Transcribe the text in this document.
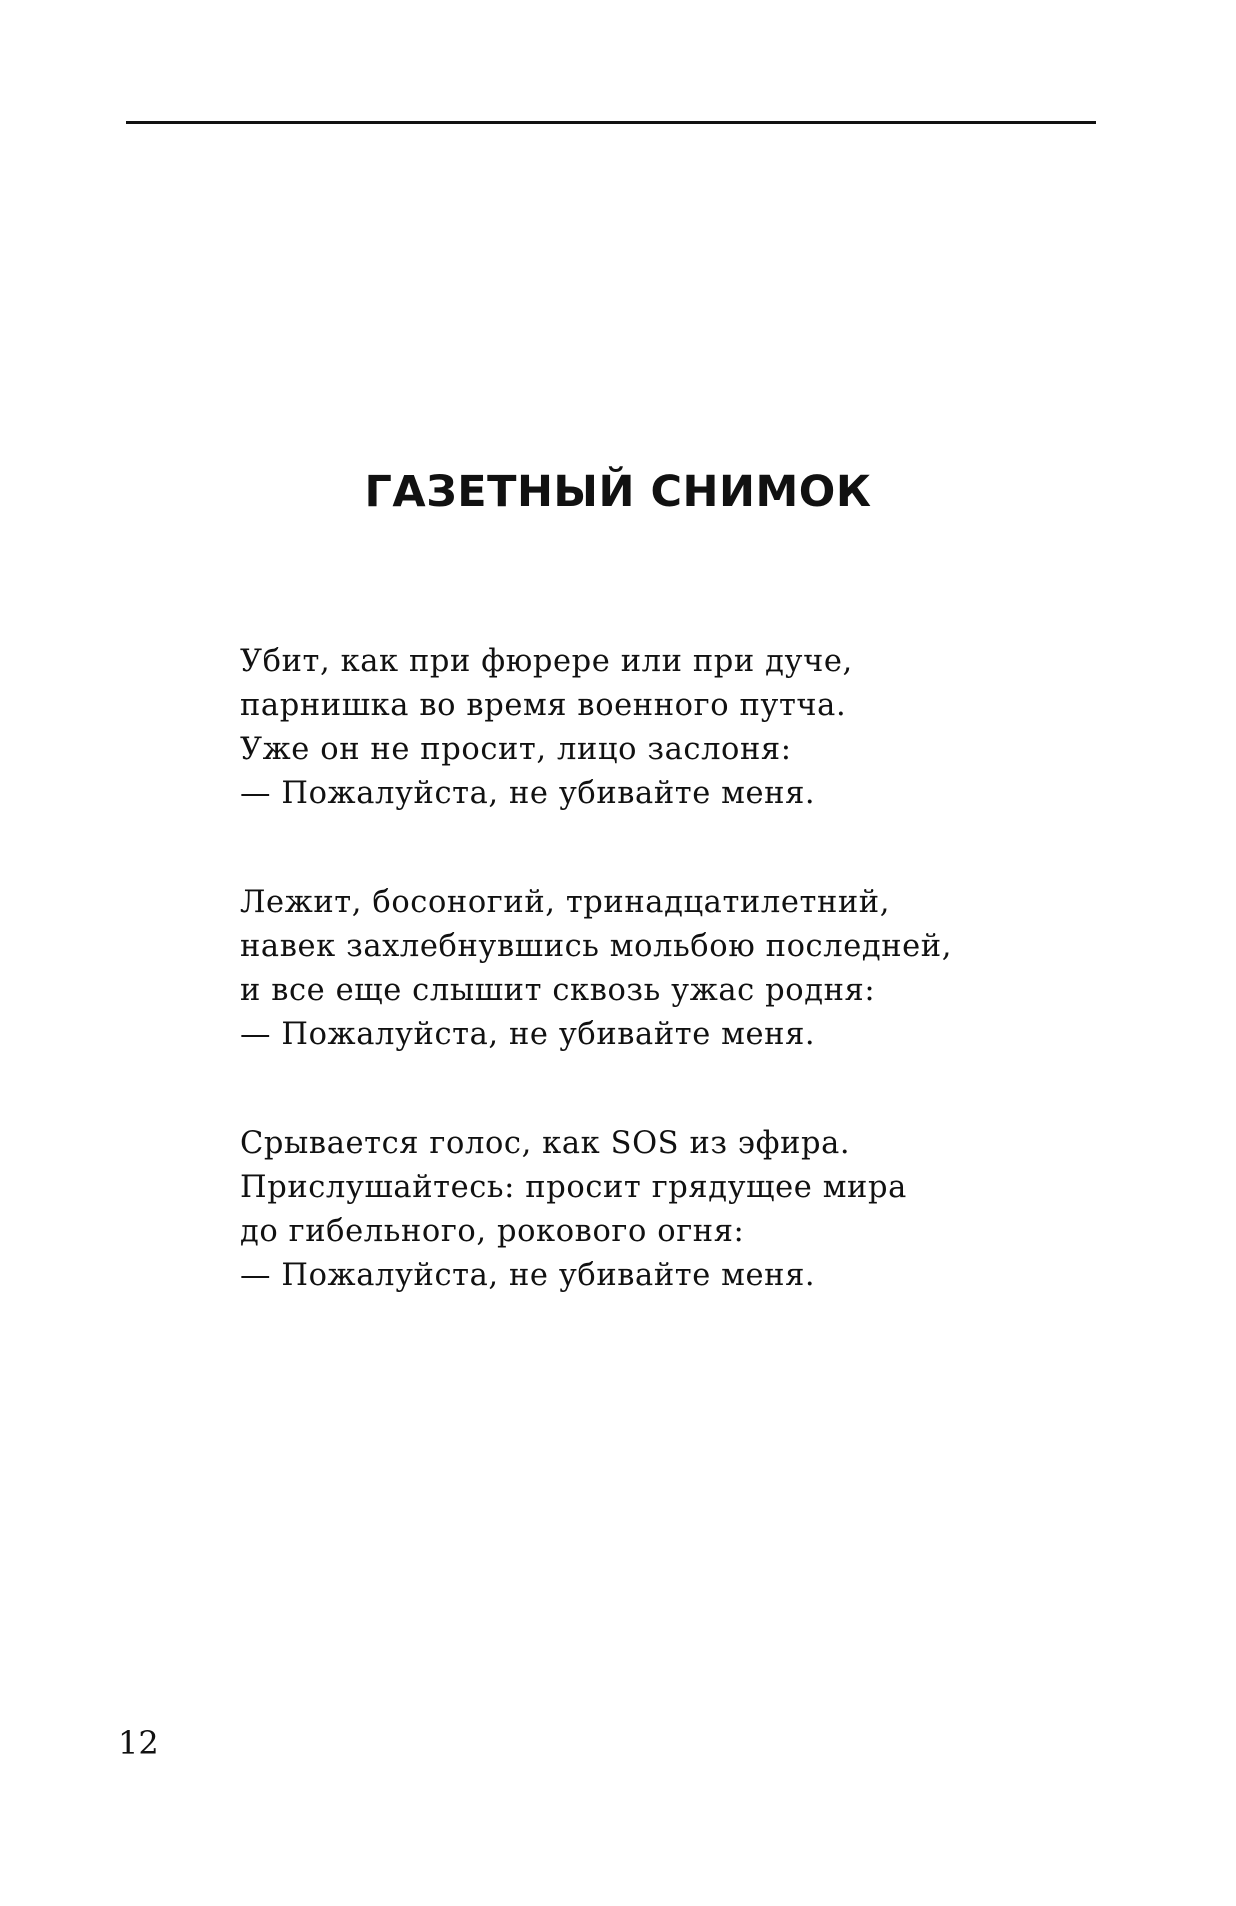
ГАЗЕТНЫЙ СНИМОК
Убит, как при фюрере или при дуче,
парнишка во время военного путча.
Уже он не просит, лицо заслоня:
— Пожалуйста, не убивайте меня.
Лежит, босоногий, тринадцатилетний,
навек захлебнувшись мольбою последней,
и все еще слышит сквозь ужас родня:
— Пожалуйста, не убивайте меня.
Срывается голос, как SOS из эфира.
Прислушайтесь: просит грядущее мира
до гибельного, рокового огня:
— Пожалуйста, не убивайте меня.
12
